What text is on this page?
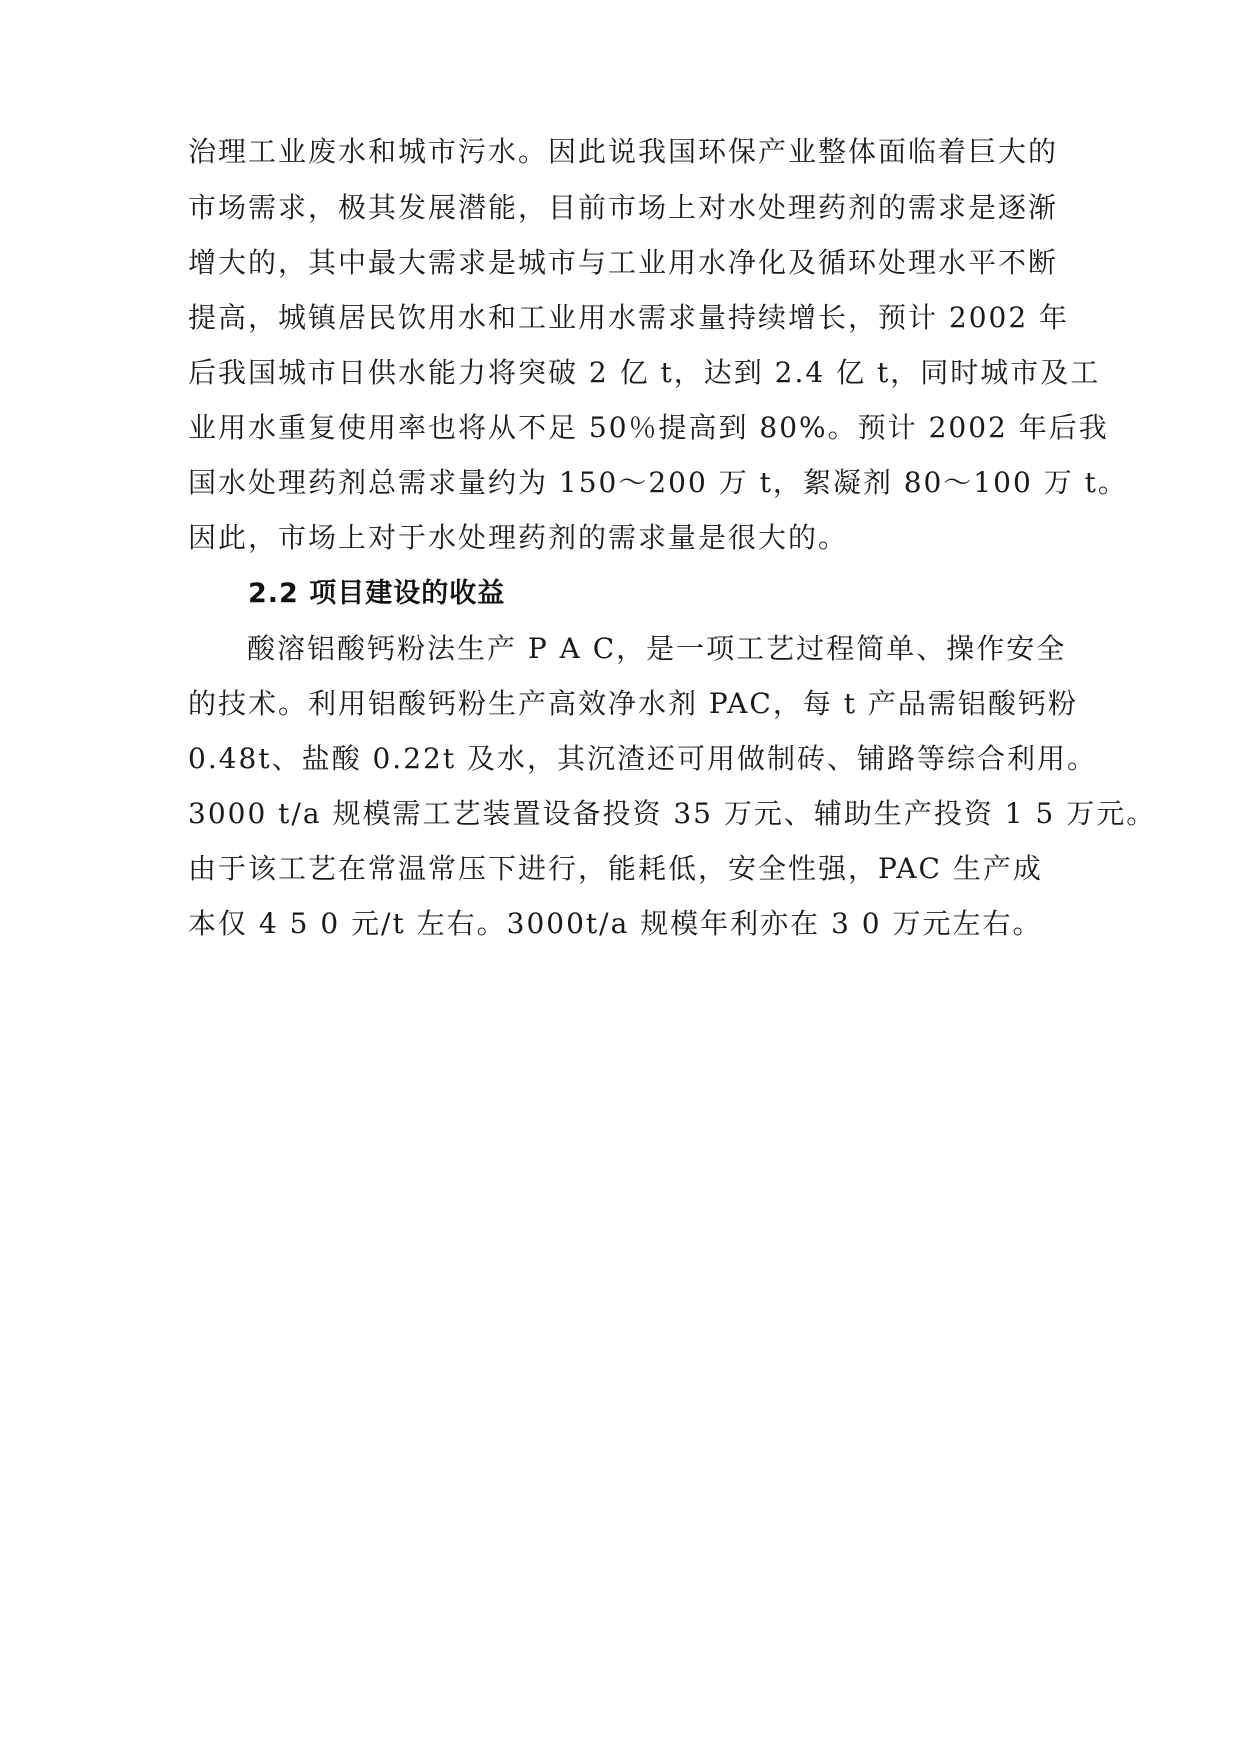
治理工业废水和城市污水。因此说我国环保产业整体面临着巨大的
市场需求，极其发展潜能，目前市场上对水处理药剂的需求是逐渐
增大的，其中最大需求是城市与工业用水净化及循环处理水平不断
提高，城镇居民饮用水和工业用水需求量持续增长，预计 2002 年
后我国城市日供水能力将突破 2 亿 t，达到 2.4 亿 t，同时城市及工
业用水重复使用率也将从不足 50％提高到 80%。预计 2002 年后我
国水处理药剂总需求量约为 150～200 万 t，絮凝剂 80～100 万 t。
因此，市场上对于水处理药剂的需求量是很大的。
2.2 项目建设的收益
酸溶铝酸钙粉法生产 P A C，是一项工艺过程简单、操作安全
的技术。利用铝酸钙粉生产高效净水剂 PAC，每 t 产品需铝酸钙粉
0.48t、盐酸 0.22t 及水，其沉渣还可用做制砖、铺路等综合利用。
3000 t/a 规模需工艺装置设备投资 35 万元、辅助生产投资 1 5 万元。
由于该工艺在常温常压下进行，能耗低，安全性强，PAC 生产成
本仅 4 5 0 元/t 左右。3000t/a 规模年利亦在 3 0 万元左右。
